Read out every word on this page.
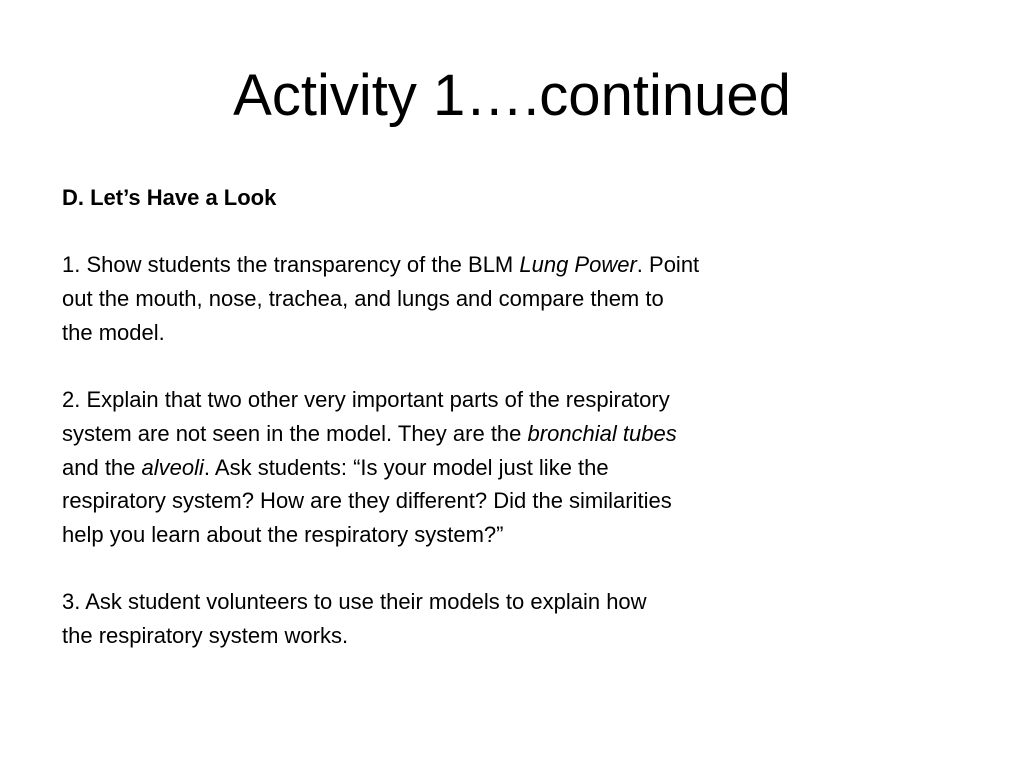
Activity 1….continued

D. Let’s Have a Look

1. Show students the transparency of the BLM Lung Power. Point
out the mouth, nose, trachea, and lungs and compare them to
the model.

2. Explain that two other very important parts of the respiratory
system are not seen in the model. They are the bronchial tubes
and the alveoli. Ask students: “Is your model just like the
respiratory system? How are they different? Did the similarities
help you learn about the respiratory system?”

3. Ask student volunteers to use their models to explain how
the respiratory system works.
